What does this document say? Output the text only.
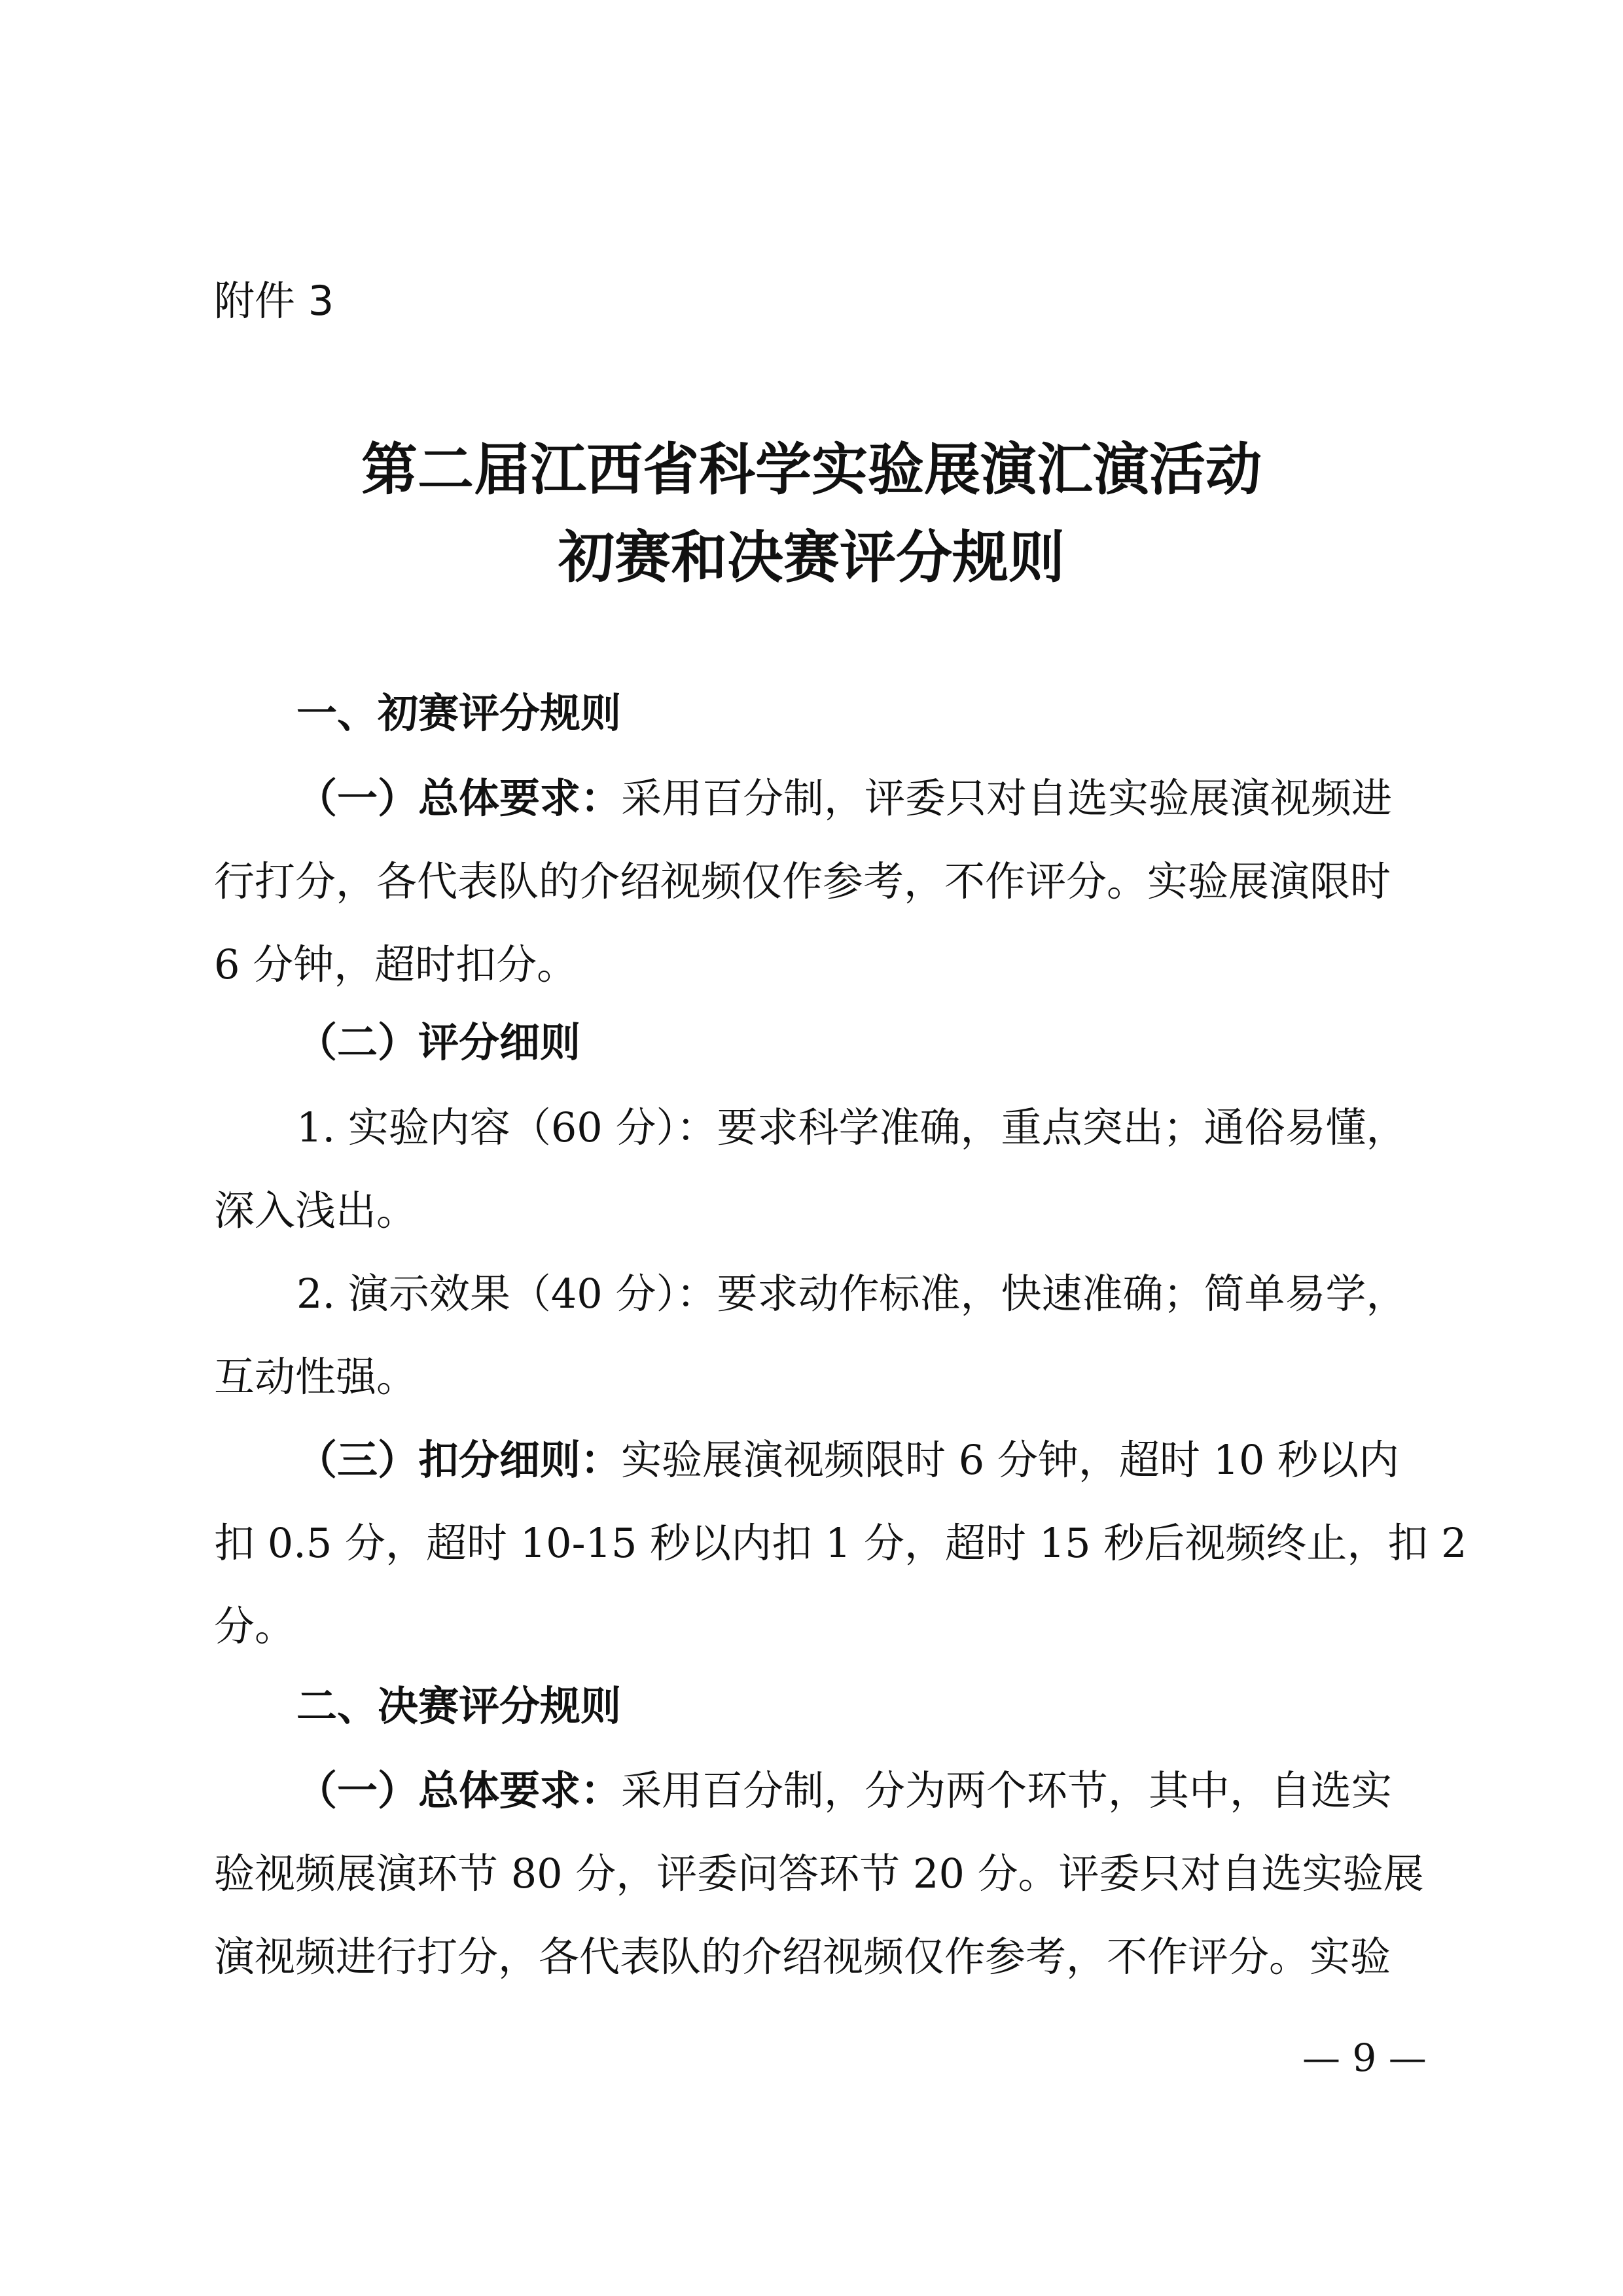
附件 3
第二届江西省科学实验展演汇演活动
初赛和决赛评分规则
一、初赛评分规则
（一）总体要求：采用百分制，评委只对自选实验展演视频进
行打分，各代表队的介绍视频仅作参考，不作评分。实验展演限时
6 分钟，超时扣分。
（二）评分细则
1. 实验内容（60 分）：要求科学准确，重点突出；通俗易懂，
深入浅出。
2. 演示效果（40 分）：要求动作标准，快速准确；简单易学，
互动性强。
（三）扣分细则：实验展演视频限时 6 分钟，超时 10 秒以内
扣 0.5 分，超时 10-15 秒以内扣 1 分，超时 15 秒后视频终止，扣 2
分。
二、决赛评分规则
（一）总体要求：采用百分制，分为两个环节，其中，自选实
验视频展演环节 80 分，评委问答环节 20 分。评委只对自选实验展
演视频进行打分，各代表队的介绍视频仅作参考，不作评分。实验
— 9 —
